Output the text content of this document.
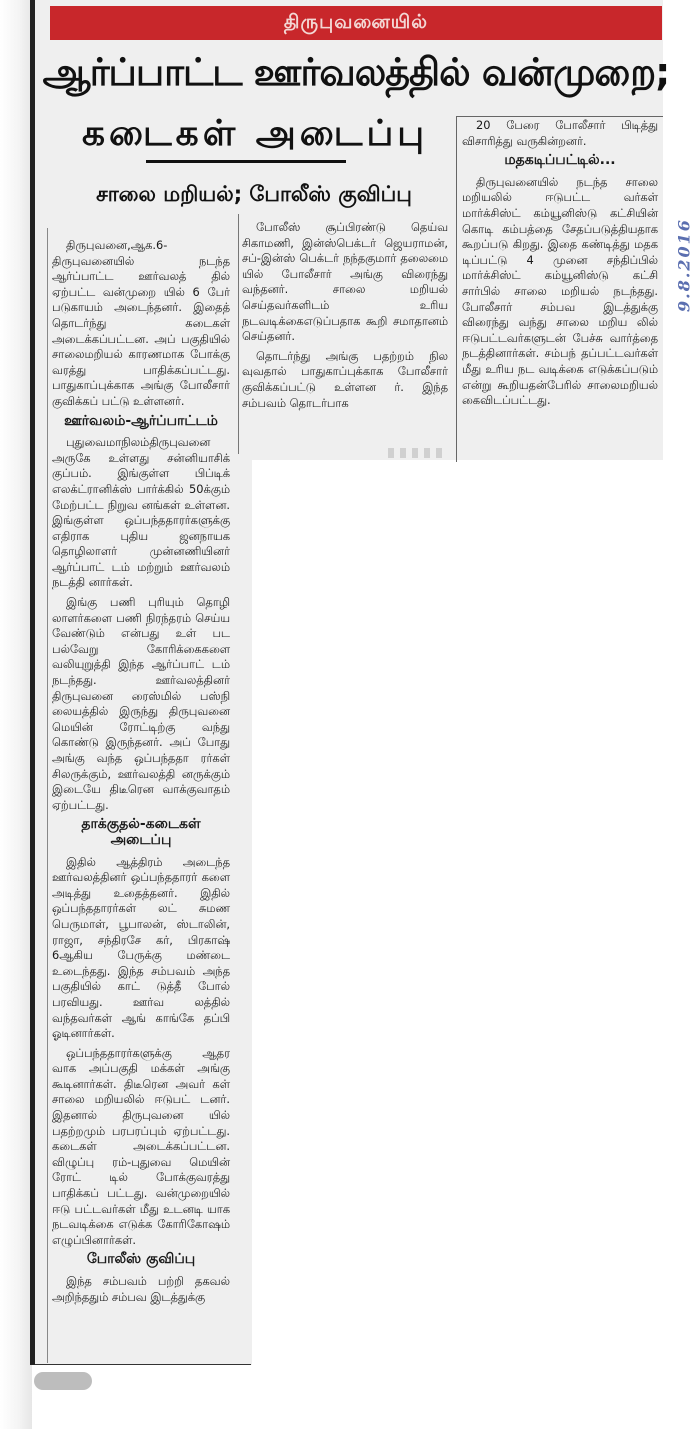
திருபுவனையில்
ஆர்ப்பாட்ட ஊர்வலத்தில் வன்முறை;
கடைகள் அடைப்பு
சாலை மறியல்; போலீஸ் குவிப்பு

திருபுவனை,ஆக.6- திருபுவனையில் நடந்த ஆர்ப்பாட்ட ஊர்வலத் தில் ஏற்பட்ட வன்முறை யில் 6 பேர் படுகாயம் அடைந்தனர். இதைத் தொடர்ந்து கடைகள் அடைக்கப்பட்டன. அப் பகுதியில் சாலைமறியல் காரணமாக போக்கு வரத்து பாதிக்கப்பட்டது. பாதுகாப்புக்காக அங்கு போலீசார் குவிக்கப் பட்டு உள்ளனர்.

ஊர்வலம்-ஆர்ப்பாட்டம்

புதுவைமாநிலம்திருபுவனை அருகே உள்ளது சன்னியாசிக் குப்பம். இங்குள்ள பிப்டிக் எலக்ட்ரானிக்ஸ் பார்க்கில் 50க்கும் மேற்பட்ட நிறுவ னங்கள் உள்ளன. இங்குள்ள ஒப்பந்ததாரர்களுக்கு எதிராக புதிய ஜனநாயக தொழிலாளர் முன்னணியினர் ஆர்ப்பாட் டம் மற்றும் ஊர்வலம் நடத்தி னார்கள்.

இங்கு பணி புரியும் தொழி லாளர்களை பணி நிரந்தரம் செய்ய வேண்டும் என்பது உள் பட பல்வேறு கோரிக்கைகளை வலியுறுத்தி இந்த ஆர்ப்பாட் டம் நடந்தது. ஊர்வலத்தினர் திருபுவனை ரைஸ்மில் பஸ்நி லையத்தில் இருந்து திருபுவனை மெயின் ரோட்டிற்கு வந்து கொண்டு இருந்தனர். அப் போது அங்கு வந்த ஒப்பந்ததா ரர்கள் சிலருக்கும், ஊர்வலத்தி னருக்கும் இடையே திடீரென வாக்குவாதம் ஏற்பட்டது.

தாக்குதல்-கடைகள் அடைப்பு

இதில் ஆத்திரம் அடைந்த ஊர்வலத்தினர் ஒப்பந்ததாரர் களை அடித்து உதைத்தனர். இதில் ஒப்பந்ததாரர்கள் லட் சுமண பெருமாள், பூபாலன், ஸ்டாலின், ராஜா, சந்திரசே கர், பிரகாஷ் 6ஆகிய பேருக்கு மண்டை உடைந்தது. இந்த சம்பவம் அந்த பகுதியில் காட் டுத்தீ போல் பரவியது. ஊர்வ லத்தில் வந்தவர்கள் ஆங் காங்கே தப்பி ஓடினார்கள்.

ஒப்பந்ததாரர்களுக்கு ஆதர வாக அப்பகுதி மக்கள் அங்கு கூடினார்கள். திடீரென அவர் கள் சாலை மறியலில் ஈடுபட் டனர். இதனால் திருபுவனை யில் பதற்றமும் பரபரப்பும் ஏற்பட்டது. கடைகள் அடைக்கப்பட்டன. விழுப்பு ரம்-புதுவை மெயின் ரோட் டில் போக்குவரத்து பாதிக்கப் பட்டது. வன்முறையில் ஈடு பட்டவர்கள் மீது உடனடி யாக நடவடிக்கை எடுக்க கோரிகோஷம் எழுப்பினார்கள்.

போலீஸ் குவிப்பு

இந்த சம்பவம் பற்றி தகவல் அறிந்ததும் சம்பவ இடத்துக்கு

போலீஸ் சூப்பிரண்டு தெய்வ சிகாமணி, இன்ஸ்பெக்டர் ஜெயராமன், சப்-இன்ஸ் பெக்டர் நந்தகுமார் தலைமை யில் போலீசார் அங்கு விரைந்து வந்தனர். சாலை மறியல் செய்தவர்களிடம் உரிய நடவடிக்கைஎடுப்பதாக கூறி சமாதானம் செய்தனர்.

தொடர்ந்து அங்கு பதற்றம் நில வுவதால் பாதுகாப்புக்காக போலீசார் குவிக்கப்பட்டு உள்ளன ர். இந்த சம்பவம் தொடர்பாக

20 பேரை போலீசார் பிடித்து விசாரித்து வருகின்றனர்.

மதகடிப்பட்டில்...

திருபுவனையில் நடந்த சாலை மறியலில் ஈடுபட்ட வர்கள் மார்க்சிஸ்ட் கம்யூனிஸ்டு கட்சியின் கொடி கம்பத்தை சேதப்படுத்தியதாக கூறப்படு கிறது. இதை கண்டித்து மதக டிப்பட்டு 4 முனை சந்திப்பில் மார்க்சிஸ்ட் கம்யூனிஸ்டு கட்சி சார்பில் சாலை மறியல் நடந்தது. போலீசார் சம்பவ இடத்துக்கு விரைந்து வந்து சாலை மறிய லில் ஈடுபட்டவர்களுடன் பேச்சு வார்த்தை நடத்தினார்கள். சம்பந் தப்பட்டவர்கள் மீது உரிய நட வடிக்கை எடுக்கப்படும் என்று கூறியதன்பேரில் சாலைமறியல் கைவிடப்பட்டது.

9.8.2016
